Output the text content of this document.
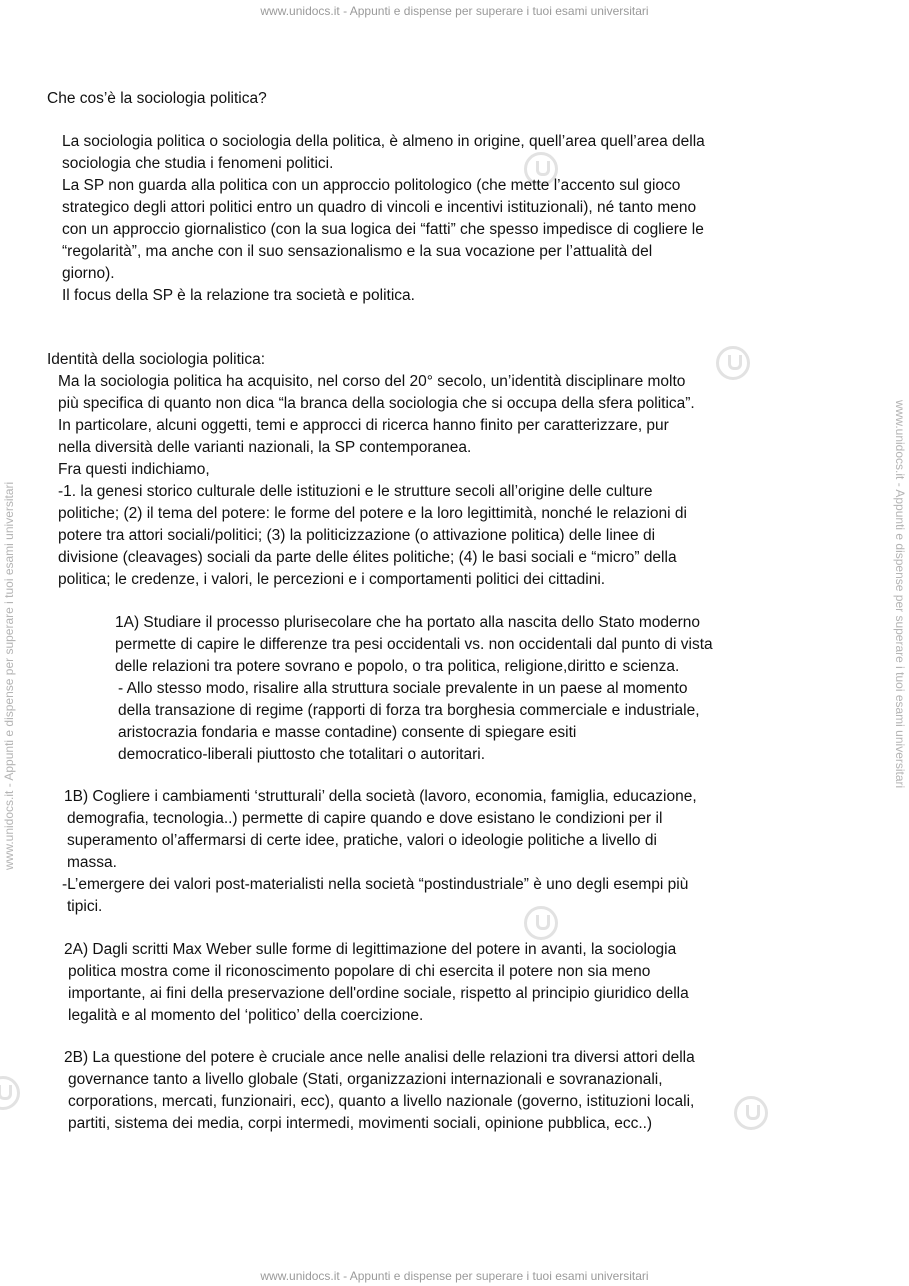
www.unidocs.it - Appunti e dispense per superare i tuoi esami universitari
www.unidocs.it - Appunti e dispense per superare i tuoi esami universitari
www.unidocs.it - Appunti e dispense per superare i tuoi esami universitari	www.unidocs.it - Appunti e dispense per superare i tuoi esami universitari
Che cos’è la sociologia politica?
La sociologia politica o sociologia della politica, è almeno in origine, quell’area quell’area della
sociologia che studia i fenomeni politici.
La SP non guarda alla politica con un approccio politologico (che mette l’accento sul gioco
strategico degli attori politici entro un quadro di vincoli e incentivi istituzionali), né tanto meno
con un approccio giornalistico (con la sua logica dei “fatti” che spesso impedisce di cogliere le
“regolarità”, ma anche con il suo sensazionalismo e la sua vocazione per l’attualità del
giorno).
Il focus della SP è la relazione tra società e politica.
Identità della sociologia politica:
Ma la sociologia politica ha acquisito, nel corso del 20° secolo, un’identità disciplinare molto
più specifica di quanto non dica “la branca della sociologia che si occupa della sfera politica”.
In particolare, alcuni oggetti, temi e approcci di ricerca hanno finito per caratterizzare, pur
nella diversità delle varianti nazionali, la SP contemporanea.
Fra questi indichiamo,
-1. la genesi storico culturale delle istituzioni e le strutture secoli all’origine delle culture
politiche; (2) il tema del potere: le forme del potere e la loro legittimità, nonché le relazioni di
potere tra attori sociali/politici; (3) la politicizzazione (o attivazione politica) delle linee di
divisione (cleavages) sociali da parte delle élites politiche; (4) le basi sociali e “micro” della
politica; le credenze, i valori, le percezioni e i comportamenti politici dei cittadini.
1A) Studiare il processo plurisecolare che ha portato alla nascita dello Stato moderno
permette di capire le differenze tra pesi occidentali vs. non occidentali dal punto di vista
delle relazioni tra potere sovrano e popolo, o tra politica, religione,diritto e scienza.
- Allo stesso modo, risalire alla struttura sociale prevalente in un paese al momento
della transazione di regime (rapporti di forza tra borghesia commerciale e industriale,
aristocrazia fondaria e masse contadine) consente di spiegare esiti
democratico-liberali piuttosto che totalitari o autoritari.
1B) Cogliere i cambiamenti ‘strutturali’ della società (lavoro, economia, famiglia, educazione,
demografia, tecnologia..) permette di capire quando e dove esistano le condizioni per il
superamento ol’affermarsi di certe idee, pratiche, valori o ideologie politiche a livello di
massa.
-L’emergere dei valori post-materialisti nella società “postindustriale” è uno degli esempi più
tipici.
2A) Dagli scritti Max Weber sulle forme di legittimazione del potere in avanti, la sociologia
politica mostra come il riconoscimento popolare di chi esercita il potere non sia meno
importante, ai fini della preservazione dell'ordine sociale, rispetto al principio giuridico della
legalità e al momento del ‘politico’ della coercizione.
2B) La questione del potere è cruciale ance nelle analisi delle relazioni tra diversi attori della
governance tanto a livello globale (Stati, organizzazioni internazionali e sovranazionali,
corporations, mercati, funzionairi, ecc), quanto a livello nazionale (governo, istituzioni locali,
partiti, sistema dei media, corpi intermedi, movimenti sociali, opinione pubblica, ecc..)
